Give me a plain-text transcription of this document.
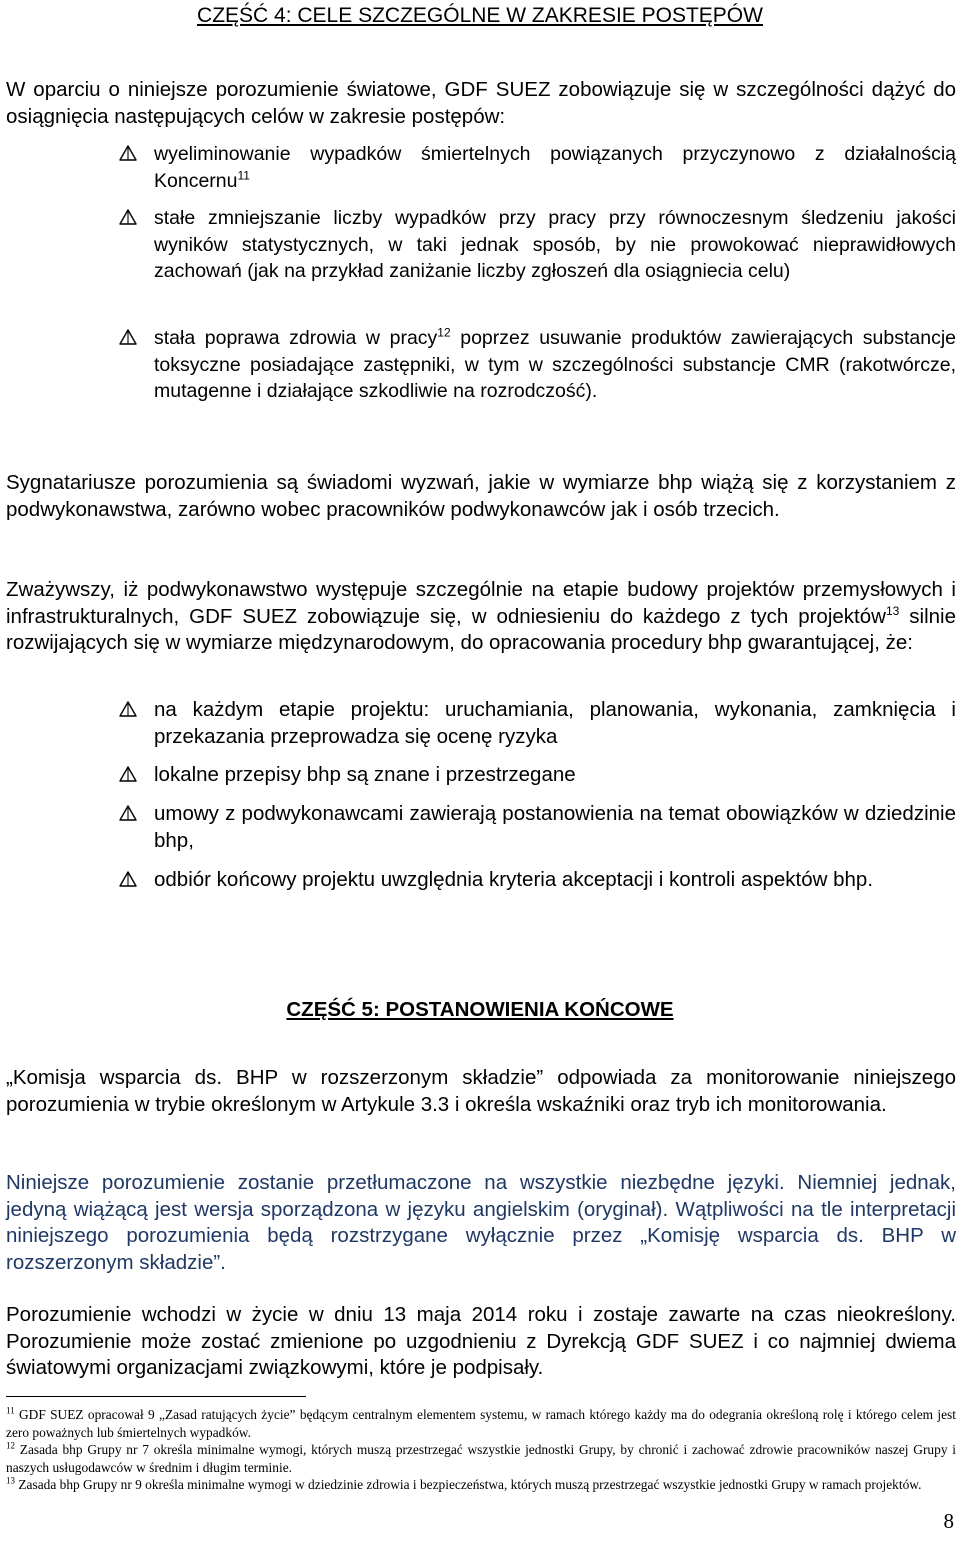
CZĘŚĆ 4: CELE SZCZEGÓLNE W ZAKRESIE POSTĘPÓW

W oparciu o niniejsze porozumienie światowe, GDF SUEZ zobowiązuje się w szczególności dążyć do osiągnięcia następujących celów w zakresie postępów:

wyeliminowanie wypadków śmiertelnych powiązanych przyczynowo z działalnością Koncernu$^{11}$
stałe zmniejszanie liczby wypadków przy pracy przy równoczesnym śledzeniu jakości wyników statystycznych, w taki jednak sposób, by nie prowokować nieprawidłowych zachowań (jak na przykład zaniżanie liczby zgłoszeń dla osiągniecia celu)
stała poprawa zdrowia w pracy$^{12}$ poprzez usuwanie produktów zawierających substancje toksyczne posiadające zastępniki, w tym w szczególności substancje CMR (rakotwórcze, mutagenne i działające szkodliwie na rozrodczość).

Sygnatariusze porozumienia są świadomi wyzwań, jakie w wymiarze bhp wiążą się z korzystaniem z podwykonawstwa, zarówno wobec pracowników podwykonawców jak i osób trzecich.

Zważywszy, iż podwykonawstwo występuje szczególnie na etapie budowy projektów przemysłowych i infrastrukturalnych, GDF SUEZ zobowiązuje się, w odniesieniu do każdego z tych projektów$^{13}$ silnie rozwijających się w wymiarze międzynarodowym, do opracowania procedury bhp gwarantującej, że:

na każdym etapie projektu: uruchamiania, planowania, wykonania, zamknięcia i przekazania przeprowadza się ocenę ryzyka
lokalne przepisy bhp są znane i przestrzegane
umowy z podwykonawcami zawierają postanowienia na temat obowiązków w dziedzinie bhp,
odbiór końcowy projektu uwzględnia kryteria akceptacji i kontroli aspektów bhp.
CZĘŚĆ 5: POSTANOWIENIA KOŃCOWE

„Komisja wsparcia ds. BHP w rozszerzonym składzie” odpowiada za monitorowanie niniejszego porozumienia w trybie określonym w Artykule 3.3 i określa wskaźniki oraz tryb ich monitorowania.

Niniejsze porozumienie zostanie przetłumaczone na wszystkie niezbędne języki. Niemniej jednak, jedyną wiążącą jest wersja sporządzona w języku angielskim (oryginał). Wątpliwości na tle interpretacji niniejszego porozumienia będą rozstrzygane wyłącznie przez „Komisję wsparcia ds. BHP w rozszerzonym składzie”.

Porozumienie wchodzi w życie w dniu 13 maja 2014 roku i zostaje zawarte na czas nieokreślony. Porozumienie może zostać zmienione po uzgodnieniu z Dyrekcją GDF SUEZ i co najmniej dwiema światowymi organizacjami związkowymi, które je podpisały.

$^{11}$ GDF SUEZ opracował 9 „Zasad ratujących życie” będącym centralnym elementem systemu, w ramach którego każdy ma do odegrania określoną rolę i którego celem jest zero poważnych lub śmiertelnych wypadków.

$^{12}$ Zasada bhp Grupy nr 7 określa minimalne wymogi, których muszą przestrzegać wszystkie jednostki Grupy, by chronić i zachować zdrowie pracowników naszej Grupy i naszych usługodawców w średnim i długim terminie.

$^{13}$ Zasada bhp Grupy nr 9 określa minimalne wymogi w dziedzinie zdrowia i bezpieczeństwa, których muszą przestrzegać wszystkie jednostki Grupy w ramach projektów.

8
